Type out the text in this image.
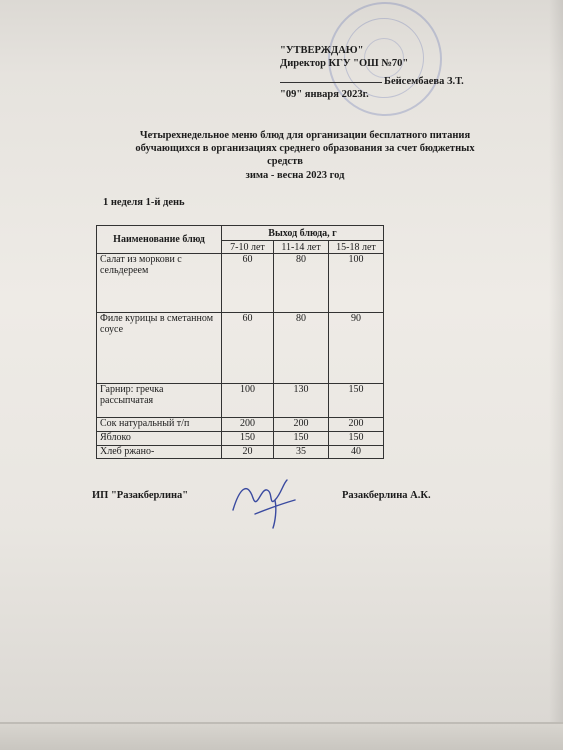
"УТВЕРЖДАЮ"
Директор КГУ "ОШ №70"
Бейсембаева З.Т.
"09" января 2023г.
Четырехнедельное меню блюд для организации бесплатного питания
обучающихся в организациях среднего образования за счет бюджетных
средств
зима - весна 2023 год
1 неделя 1-й день
Наименование блюд	Выход блюда, г		
	7-10 лет	11-14 лет	15-18 лет
Салат из моркови с сельдереем	60	80	100
Филе курицы в сметанном соусе	60	80	90
Гарнир: гречка рассыпчатая	100	130	150
Сок натуральный т/п	200	200	200
Яблоко	150	150	150
Хлеб ржано-	20	35	40
ИП "Разакберлина"	Разакберлина А.К.
